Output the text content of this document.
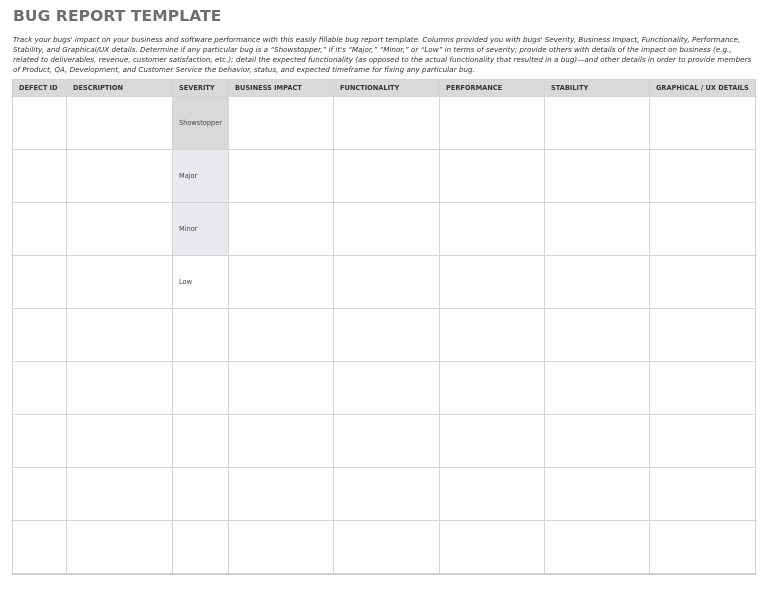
BUG REPORT TEMPLATE
Track your bugs' impact on your business and software performance with this easily fillable bug report template. Columns provided you with bugs' Severity, Business Impact, Functionality, Performance, Stability, and Graphical/UX details. Determine if any particular bug is a “Showstopper,” if it's “Major,” “Minor,” or “Low” in terms of severity; provide others with details of the impact on business (e.g., related to deliverables, revenue, customer satisfaction, etc.); detail the expected functionality (as opposed to the actual functionality that resulted in a bug)—and other details in order to provide members of Product, QA, Development, and Customer Service the behavior, status, and expected timeframe for fixing any particular bug.
DEFECT ID	DESCRIPTION	SEVERITY	BUSINESS IMPACT	FUNCTIONALITY	PERFORMANCE	STABILITY	GRAPHICAL / UX DETAILS
		Showstopper					
		Major					
		Minor					
		Low					
